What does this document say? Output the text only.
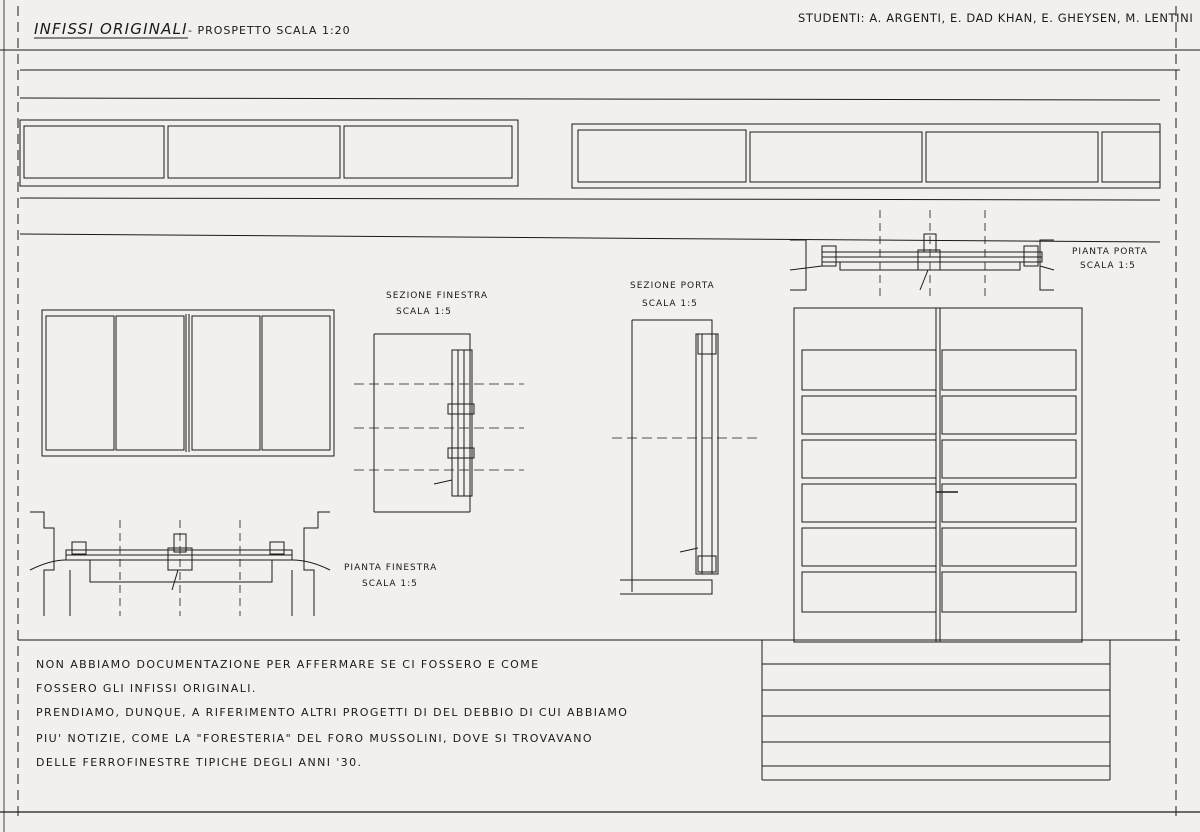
INFISSI ORIGINALI - PROSPETTO SCALA 1:20
STUDENTI: A. ARGENTI, E. DAD KHAN, E. GHEYSEN, M. LENTINI
SEZIONE FINESTRA
SCALA 1:5
PIANTA FINESTRA
SCALA 1:5
SEZIONE PORTA
SCALA 1:5
PIANTA PORTA
SCALA 1:5
NON ABBIAMO DOCUMENTAZIONE PER AFFERMARE SE CI FOSSERO E COME
FOSSERO GLI INFISSI ORIGINALI.
PRENDIAMO, DUNQUE, A RIFERIMENTO ALTRI PROGETTI DI DEL DEBBIO DI CUI ABBIAMO
PIU' NOTIZIE, COME LA "FORESTERIA" DEL FORO MUSSOLINI, DOVE SI TROVAVANO
DELLE FERROFINESTRE TIPICHE DEGLI ANNI '30.
